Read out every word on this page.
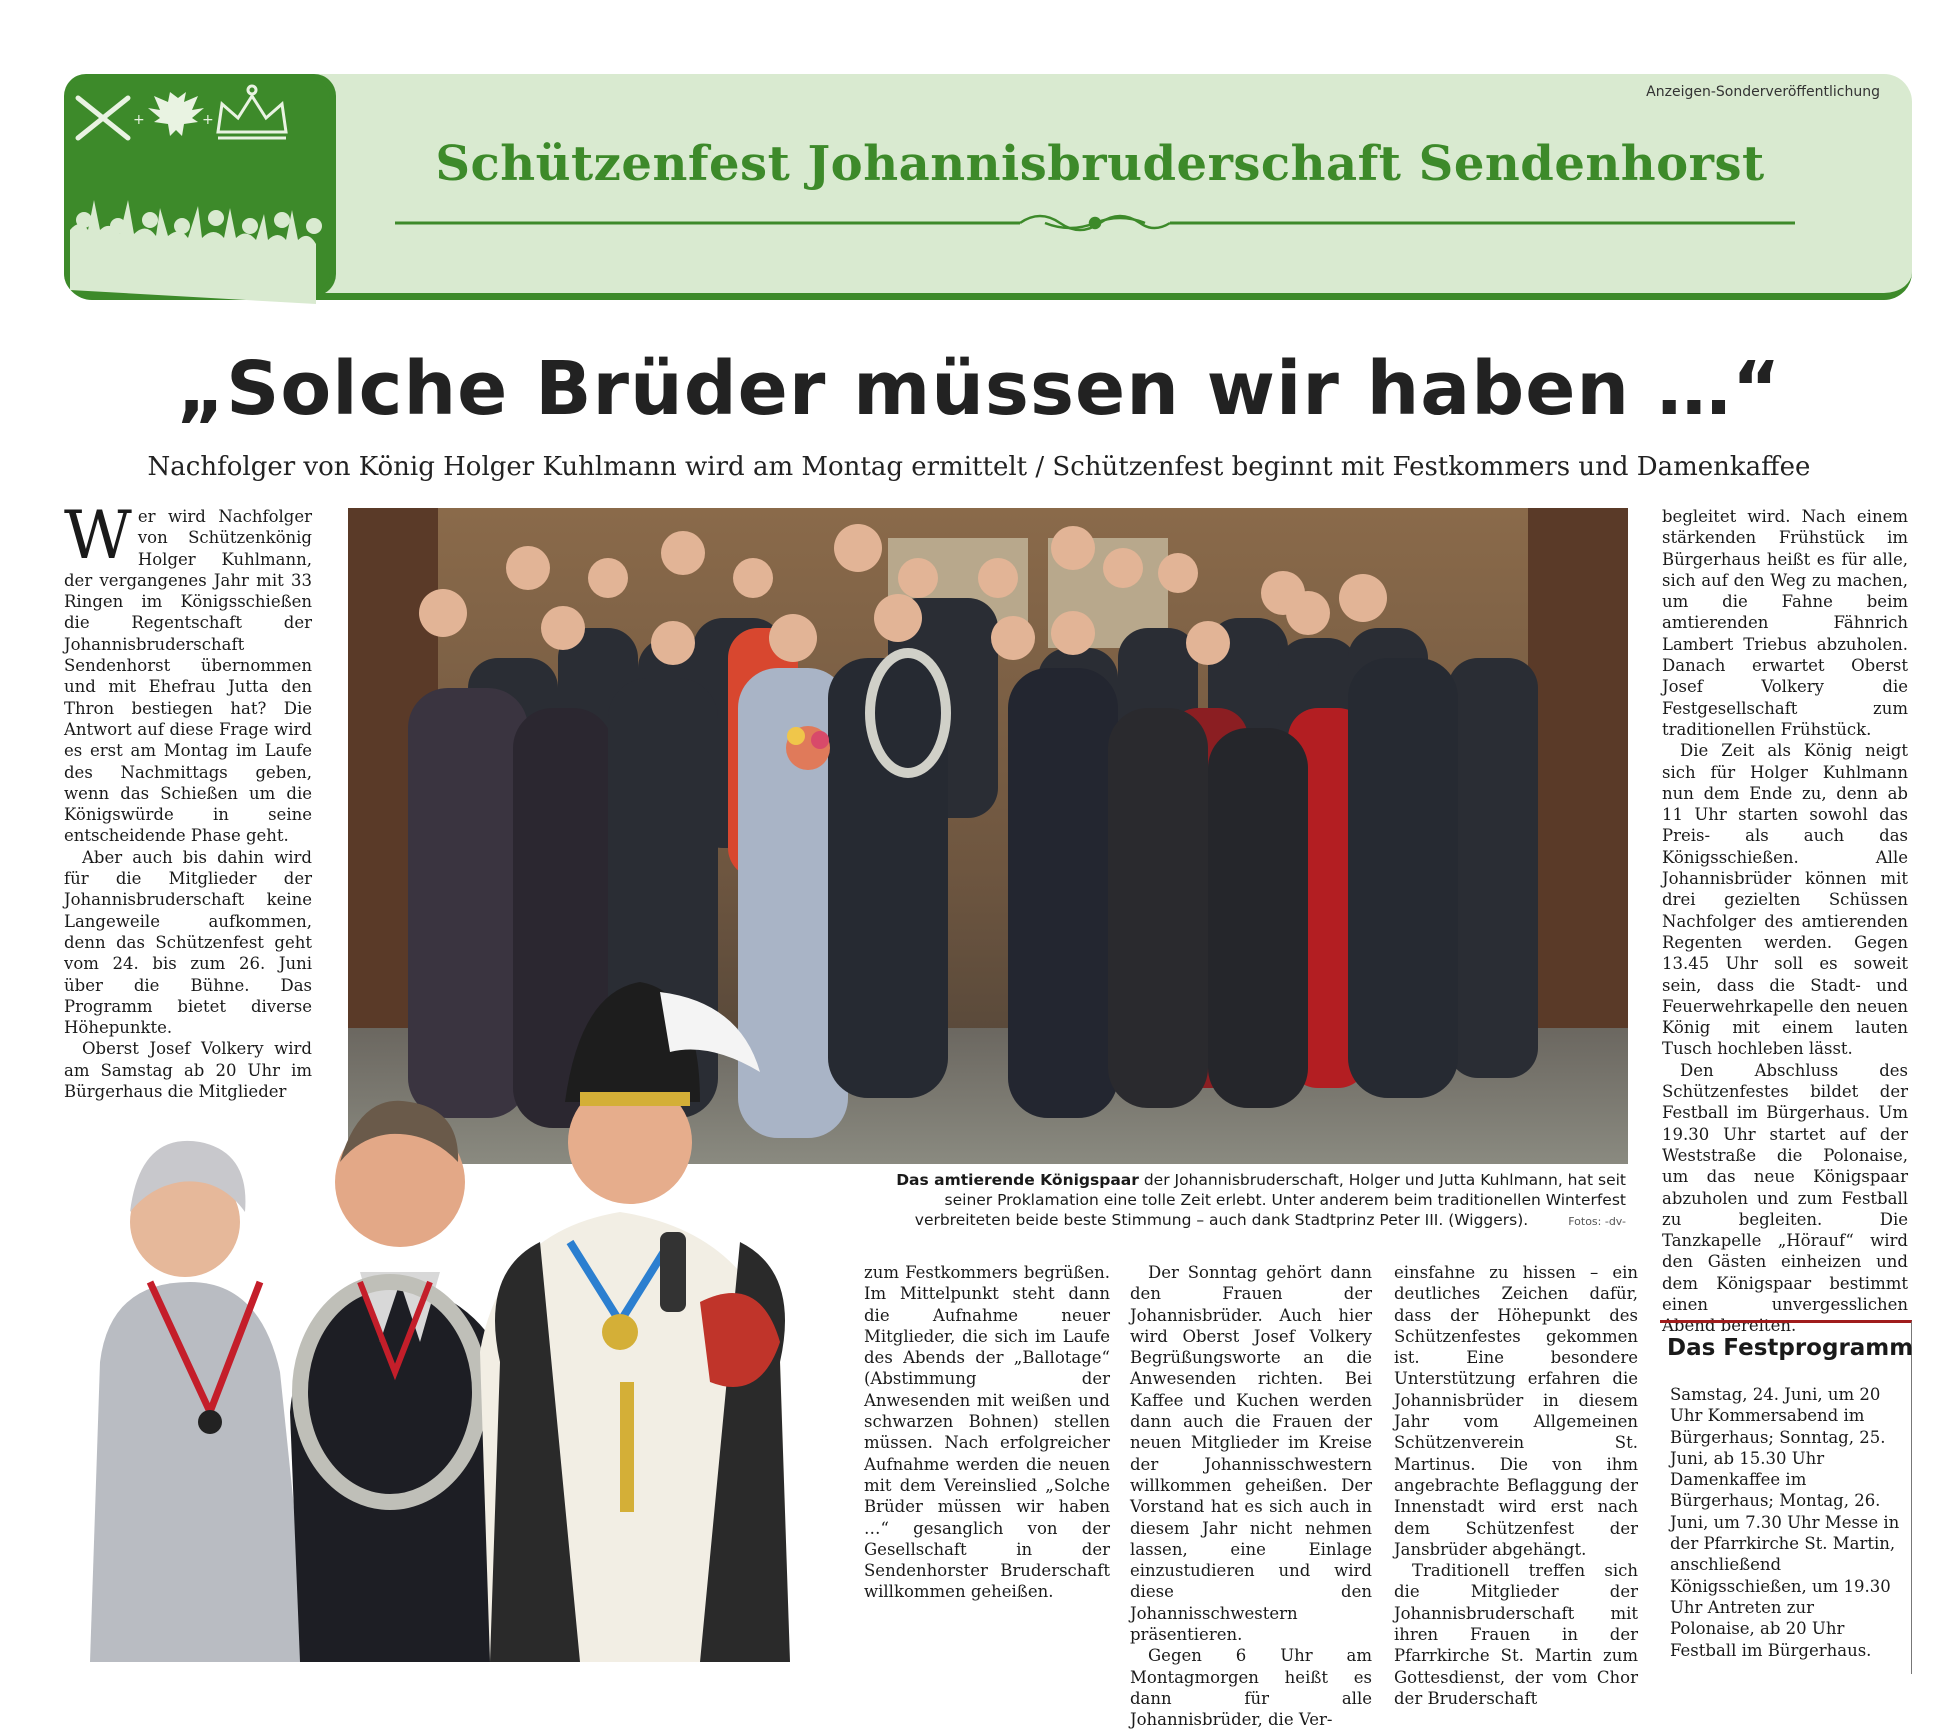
+	+
Anzeigen-Sonderveröffentlichung
Schützenfest Johannisbruderschaft Sendenhorst
„Solche Brüder müssen wir haben …“
Nachfolger von König Holger Kuhlmann wird am Montag ermittelt / Schützenfest beginnt mit Festkommers und Damenkaffee
W er wird Nachfolger von Schützenkönig Holger Kuhlmann, der vergangenes Jahr mit 33 Ringen im Königsschießen die Regentschaft der Johannisbruderschaft Sendenhorst übernommen und mit Ehefrau Jutta den Thron bestiegen hat? Die Antwort auf diese Frage wird es erst am Montag im Laufe des Nachmittags geben, wenn das Schießen um die Königswürde in seine entscheidende Phase geht.

Aber auch bis dahin wird für die Mitglieder der Johannisbruderschaft keine Langeweile aufkommen, denn das Schützenfest geht vom 24. bis zum 26. Juni über die Bühne. Das Programm bietet diverse Höhepunkte.

Oberst Josef Volkery wird am Samstag ab 20 Uhr im Bürgerhaus die Mitglieder

Das amtierende Königspaar der Johannisbruderschaft, Holger und Jutta Kuhlmann, hat seit seiner Proklamation eine tolle Zeit erlebt. Unter anderem beim traditionellen Winterfest verbreiteten beide beste Stimmung – auch dank Stadtprinz Peter III. (Wiggers).	Fotos: -dv-

zum Festkommers begrüßen. Im Mittelpunkt steht dann die Aufnahme neuer Mitglieder, die sich im Laufe des Abends der „Ballotage“ (Abstimmung der Anwesenden mit weißen und schwarzen Bohnen) stellen müssen. Nach erfolgreicher Aufnahme werden die neuen mit dem Vereinslied „Solche Brüder müssen wir haben …“ gesanglich von der Gesellschaft in der Sendenhorster Bruderschaft willkommen geheißen.

Der Sonntag gehört dann den Frauen der Johannisbrüder. Auch hier wird Oberst Josef Volkery Begrüßungsworte an die Anwesenden richten. Bei Kaffee und Kuchen werden dann auch die Frauen der neuen Mitglieder im Kreise der Johannisschwestern willkommen geheißen. Der Vorstand hat es sich auch in diesem Jahr nicht nehmen lassen, eine Einlage einzustudieren und wird diese den Johannisschwestern präsentieren.

Gegen 6 Uhr am Montagmorgen heißt es dann für alle Johannisbrüder, die Ver-

einsfahne zu hissen – ein deutliches Zeichen dafür, dass der Höhepunkt des Schützenfestes gekommen ist. Eine besondere Unterstützung erfahren die Johannisbrüder in diesem Jahr vom Allgemeinen Schützenverein St. Martinus. Die von ihm angebrachte Beflaggung der Innenstadt wird erst nach dem Schützenfest der Jansbrüder abgehängt.

Traditionell treffen sich die Mitglieder der Johannisbruderschaft mit ihren Frauen in der Pfarrkirche St. Martin zum Gottesdienst, der vom Chor der Bruderschaft

begleitet wird. Nach einem stärkenden Frühstück im Bürgerhaus heißt es für alle, sich auf den Weg zu machen, um die Fahne beim amtierenden Fähnrich Lambert Triebus abzuholen. Danach erwartet Oberst Josef Volkery die Festgesellschaft zum traditionellen Frühstück.

Die Zeit als König neigt sich für Holger Kuhlmann nun dem Ende zu, denn ab 11 Uhr starten sowohl das Preis- als auch das Königsschießen. Alle Johannisbrüder können mit drei gezielten Schüssen Nachfolger des amtierenden Regenten werden. Gegen 13.45 Uhr soll es soweit sein, dass die Stadt- und Feuerwehrkapelle den neuen König mit einem lauten Tusch hochleben lässt.

Den Abschluss des Schützenfestes bildet der Festball im Bürgerhaus. Um 19.30 Uhr startet auf der Weststraße die Polonaise, um das neue Königspaar abzuholen und zum Festball zu begleiten. Die Tanzkapelle „Hörauf“ wird den Gästen einheizen und dem Königspaar bestimmt einen unvergesslichen Abend bereiten.

Das Festprogramm
Samstag, 24. Juni, um 20 Uhr Kommersabend im Bürgerhaus; Sonntag, 25. Juni, ab 15.30 Uhr Damenkaffee im Bürgerhaus; Montag, 26. Juni, um 7.30 Uhr Messe in der Pfarrkirche St. Martin, anschließend Königsschießen, um 19.30 Uhr Antreten zur Polonaise, ab 20 Uhr Festball im Bürgerhaus.
